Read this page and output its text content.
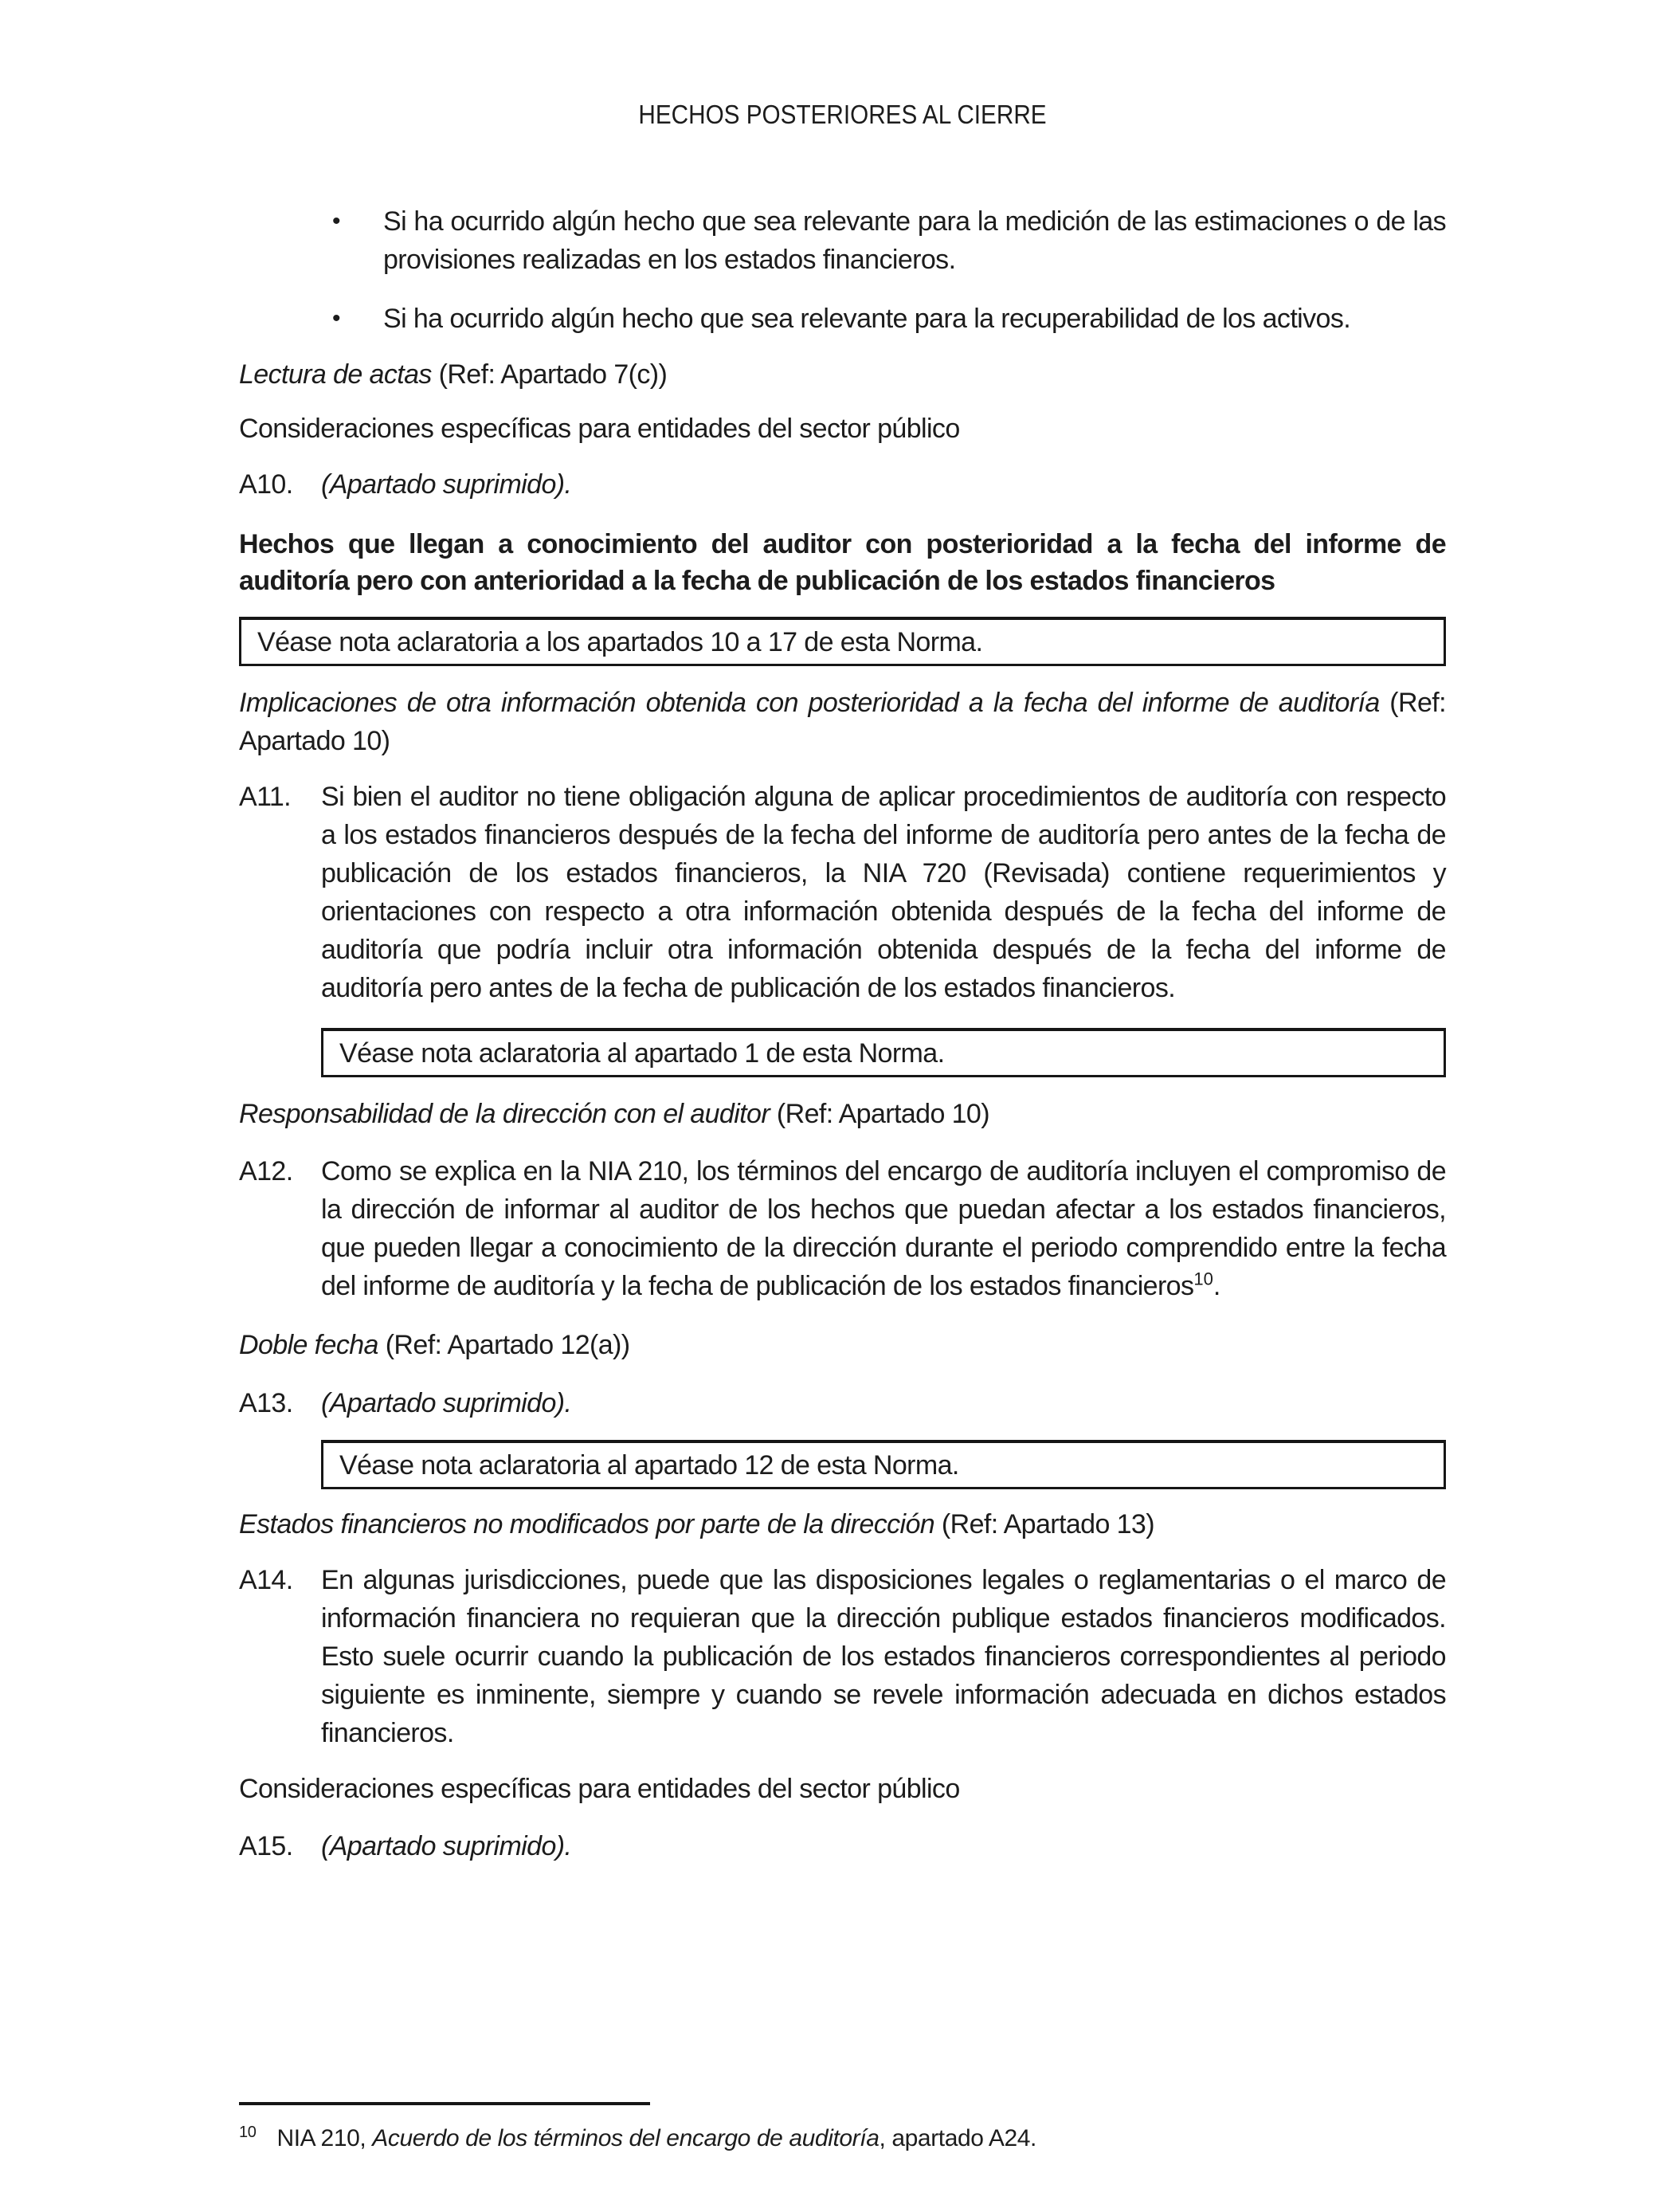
HECHOS POSTERIORES AL CIERRE
• Si ha ocurrido algún hecho que sea relevante para la medición de las estimaciones o de las provisiones realizadas en los estados financieros.
• Si ha ocurrido algún hecho que sea relevante para la recuperabilidad de los activos.

Lectura de actas (Ref: Apartado 7(c))

Consideraciones específicas para entidades del sector público

A10. (Apartado suprimido).

Hechos que llegan a conocimiento del auditor con posterioridad a la fecha del informe de auditoría pero con anterioridad a la fecha de publicación de los estados financieros

Véase nota aclaratoria a los apartados 10 a 17 de esta Norma.

Implicaciones de otra información obtenida con posterioridad a la fecha del informe de auditoría (Ref: Apartado 10)

A11. Si bien el auditor no tiene obligación alguna de aplicar procedimientos de auditoría con respecto a los estados financieros después de la fecha del informe de auditoría pero antes de la fecha de publicación de los estados financieros, la NIA 720 (Revisada) contiene requerimientos y orientaciones con respecto a otra información obtenida después de la fecha del informe de auditoría que podría incluir otra información obtenida después de la fecha del informe de auditoría pero antes de la fecha de publicación de los estados financieros.
Véase nota aclaratoria al apartado 1 de esta Norma.

Responsabilidad de la dirección con el auditor (Ref: Apartado 10)

A12. Como se explica en la NIA 210, los términos del encargo de auditoría incluyen el compromiso de la dirección de informar al auditor de los hechos que puedan afectar a los estados financieros, que pueden llegar a conocimiento de la dirección durante el periodo comprendido entre la fecha del informe de auditoría y la fecha de publicación de los estados financieros$^{10}$.

Doble fecha (Ref: Apartado 12(a))

A13. (Apartado suprimido).
Véase nota aclaratoria al apartado 12 de esta Norma.

Estados financieros no modificados por parte de la dirección (Ref: Apartado 13)

A14. En algunas jurisdicciones, puede que las disposiciones legales o reglamentarias o el marco de información financiera no requieran que la dirección publique estados financieros modificados. Esto suele ocurrir cuando la publicación de los estados financieros correspondientes al periodo siguiente es inminente, siempre y cuando se revele información adecuada en dichos estados financieros.

Consideraciones específicas para entidades del sector público

A15. (Apartado suprimido).

$^{10}$ NIA 210, Acuerdo de los términos del encargo de auditoría, apartado A24.
